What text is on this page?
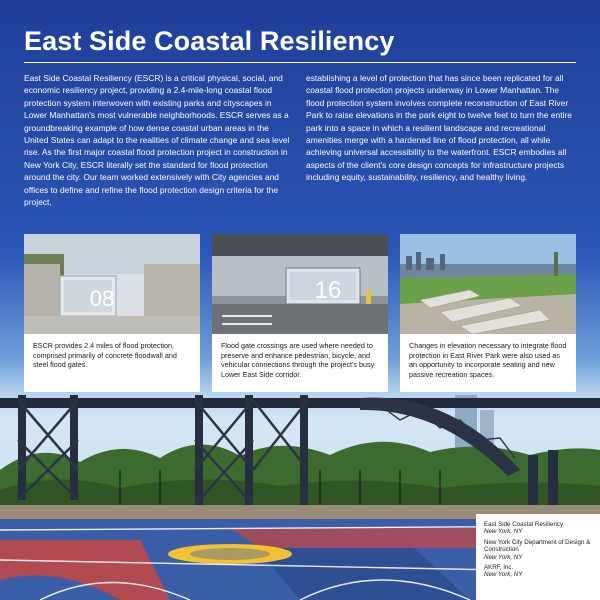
East Side Coastal Resiliency

East Side Coastal Resiliency (ESCR) is a critical physical, social, and economic resiliency project, providing a 2.4-mile-long coastal flood protection system interwoven with existing parks and cityscapes in Lower Manhattan's most vulnerable neighborhoods. ESCR serves as a groundbreaking example of how dense coastal urban areas in the United States can adapt to the realities of climate change and sea level rise. As the first major coastal flood protection project in construction in New York City, ESCR literally set the standard for flood protection around the city. Our team worked extensively with City agencies and offices to define and refine the flood protection design criteria for the project,

establishing a level of protection that has since been replicated for all coastal flood protection projects underway in Lower Manhattan. The flood protection system involves complete reconstruction of East River Park to raise elevations in the park eight to twelve feet to turn the entire park into a space in which a resilient landscape and recreational amenities merge with a hardened line of flood protection, all while achieving universal accessibility to the waterfront. ESCR embodies all aspects of the client's core design concepts for infrastructure projects including equity, sustainability, resiliency, and healthy living.

08
ESCR provides 2.4 miles of flood protection, comprised primarily of concrete floodwall and steel flood gates.
16
Flood gate crossings are used where needed to preserve and enhance pedestrian, bicycle, and vehicular connections through the project's busy Lower East Side corridor.
Changes in elevation necessary to integrate flood protection in East River Park were also used as an opportunity to incorporate seating and new passive recreation spaces.
East Side Coastal Resiliency
New York, NY
New York City Department of Design & Construction
New York, NY
AKRF, Inc.
New York, NY
